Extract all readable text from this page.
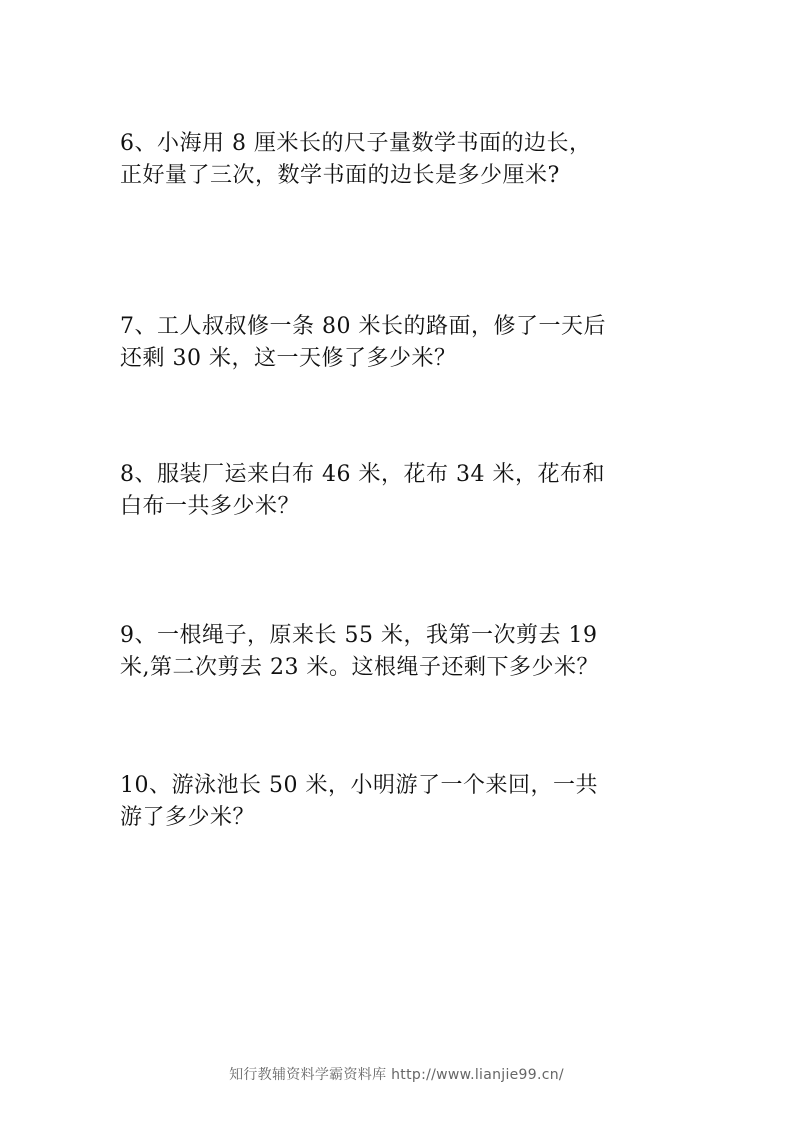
6、小海用 8 厘米长的尺子量数学书面的边长，
正好量了三次，数学书面的边长是多少厘米?
7、工人叔叔修一条 80 米长的路面，修了一天后
还剩 30 米，这一天修了多少米？
8、服装厂运来白布 46 米，花布 34 米，花布和
白布一共多少米？
9、一根绳子，原来长 55 米，我第一次剪去 19
米,第二次剪去 23 米。这根绳子还剩下多少米？
10、游泳池长 50 米，小明游了一个来回，一共
游了多少米？
知行教辅资料学霸资料库 http://www.lianjie99.cn/
